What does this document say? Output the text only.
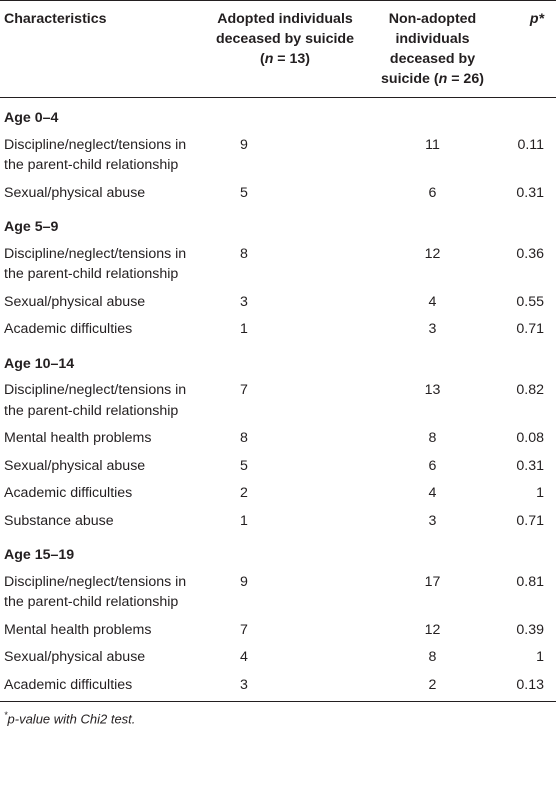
Characteristics	Adopted individuals deceased by suicide (n = 13)	Non-adopted individuals deceased by suicide (n = 26)	p*
Age 0–4			
Discipline/neglect/tensions in the parent-child relationship	9	11	0.11
Sexual/physical abuse	5	6	0.31
Age 5–9			
Discipline/neglect/tensions in the parent-child relationship	8	12	0.36
Sexual/physical abuse	3	4	0.55
Academic difficulties	1	3	0.71
Age 10–14			
Discipline/neglect/tensions in the parent-child relationship	7	13	0.82
Mental health problems	8	8	0.08
Sexual/physical abuse	5	6	0.31
Academic difficulties	2	4	1
Substance abuse	1	3	0.71
Age 15–19			
Discipline/neglect/tensions in the parent-child relationship	9	17	0.81
Mental health problems	7	12	0.39
Sexual/physical abuse	4	8	1
Academic difficulties	3	2	0.13
*p-value with Chi2 test.
